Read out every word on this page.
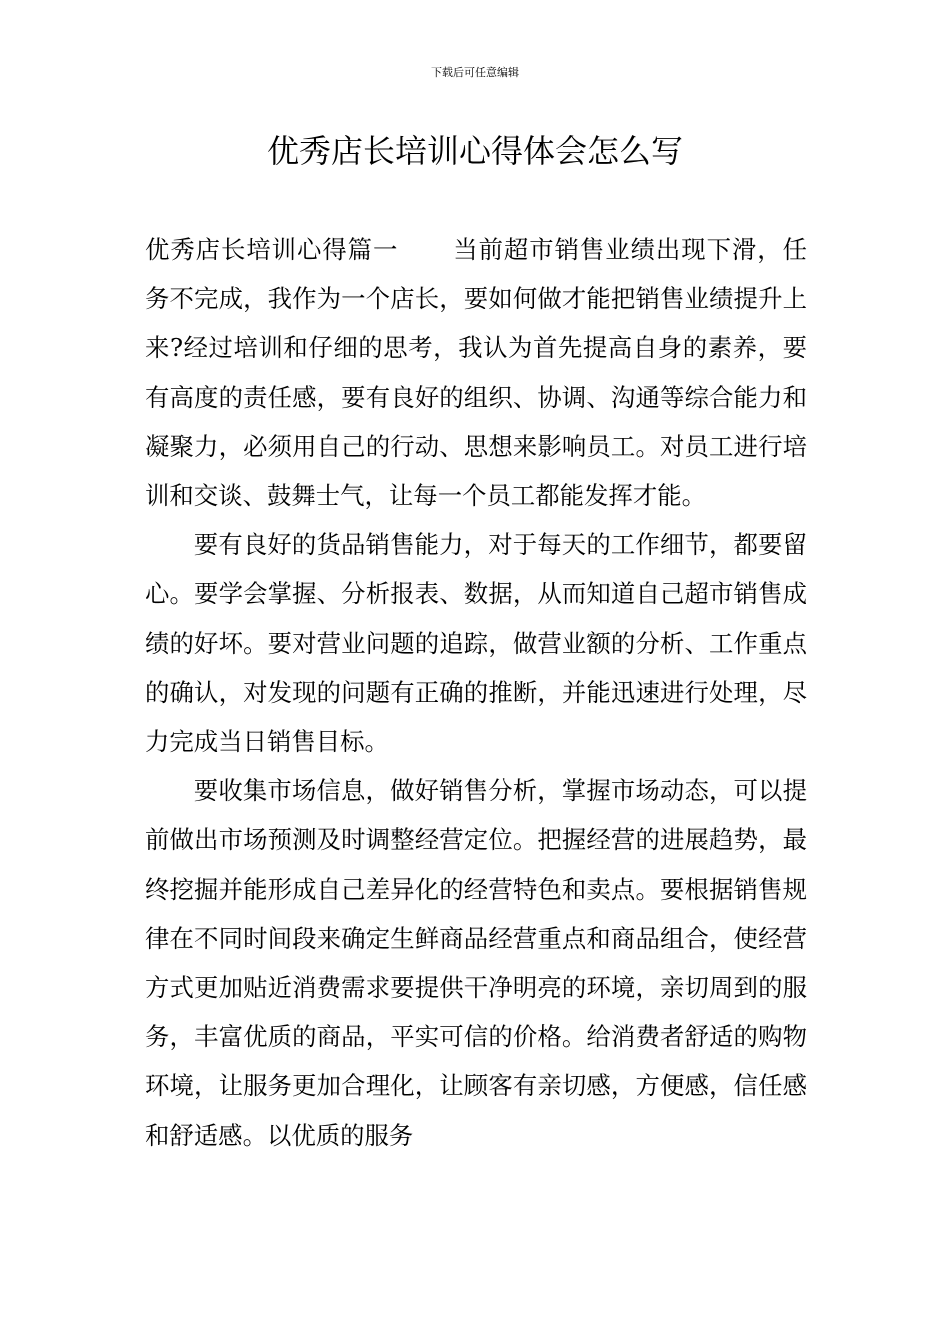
下载后可任意编辑
优秀店长培训心得体会怎么写

优秀店长培训心得篇一 当前超市销售业绩出现下滑，任务不完成，我作为一个店长，要如何做才能把销售业绩提升上来?经过培训和仔细的思考，我认为首先提高自身的素养，要有高度的责任感，要有良好的组织、协调、沟通等综合能力和凝聚力，必须用自己的行动、思想来影响员工。对员工进行培训和交谈、鼓舞士气，让每一个员工都能发挥才能。

要有良好的货品销售能力，对于每天的工作细节，都要留心。要学会掌握、分析报表、数据，从而知道自己超市销售成绩的好坏。要对营业问题的追踪，做营业额的分析、工作重点的确认，对发现的问题有正确的推断，并能迅速进行处理，尽力完成当日销售目标。

要收集市场信息，做好销售分析，掌握市场动态，可以提前做出市场预测及时调整经营定位。把握经营的进展趋势，最终挖掘并能形成自己差异化的经营特色和卖点。要根据销售规律在不同时间段来确定生鲜商品经营重点和商品组合，使经营方式更加贴近消费需求要提供干净明亮的环境，亲切周到的服务，丰富优质的商品，平实可信的价格。给消费者舒适的购物环境，让服务更加合理化，让顾客有亲切感，方便感，信任感和舒适感。以优质的服务
